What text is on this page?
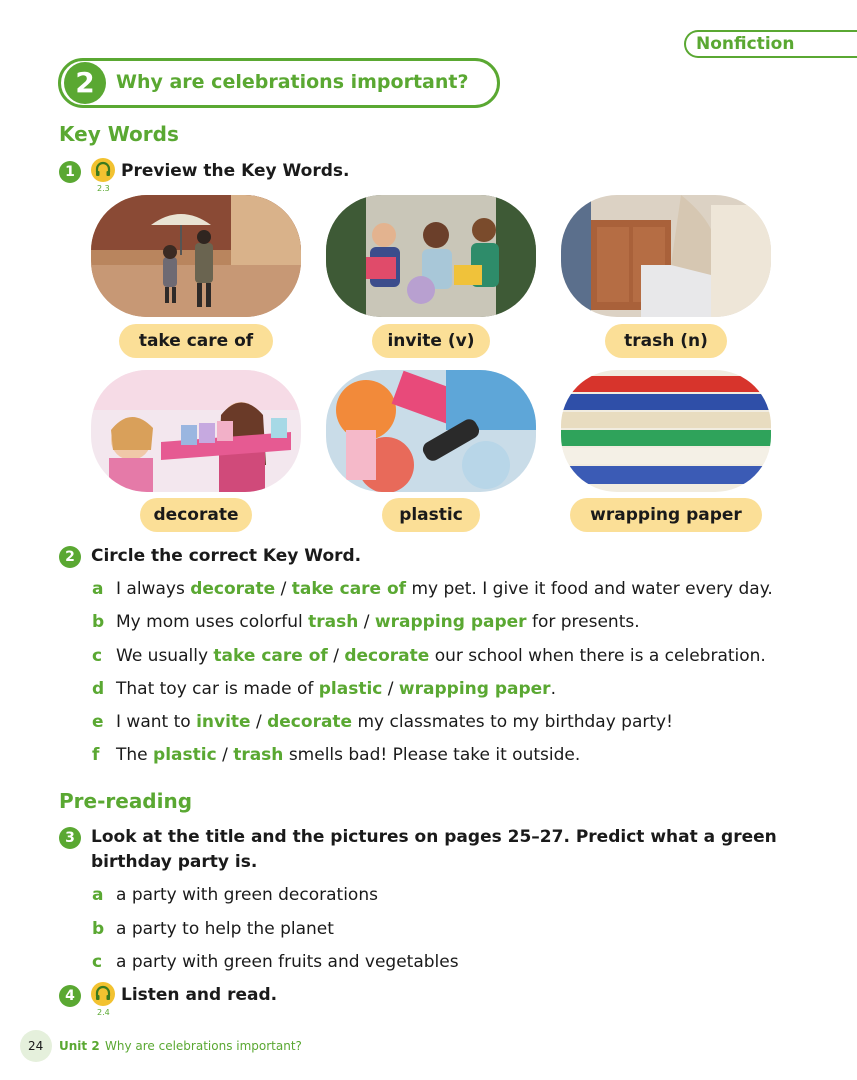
Nonfiction
2	Why are celebrations important?
Key Words
1
2.3
Preview the Key Words.
take care of	invite (v)	trash (n)
decorate	plastic	wrapping paper
2 Circle the correct Key Word.
a I always decorate / take care of my pet. I give it food and water every day.
b My mom uses colorful trash / wrapping paper for presents.
c We usually take care of / decorate our school when there is a celebration.
d That toy car is made of plastic / wrapping paper.
e I want to invite / decorate my classmates to my birthday party!
f The plastic / trash smells bad! Please take it outside.
Pre-reading
3 Look at the title and the pictures on pages 25–27. Predict what a green
birthday party is.
a a party with green decorations
b a party to help the planet
c a party with green fruits and vegetables
4
2.4
Listen and read.
24 Unit 2 Why are celebrations important?
